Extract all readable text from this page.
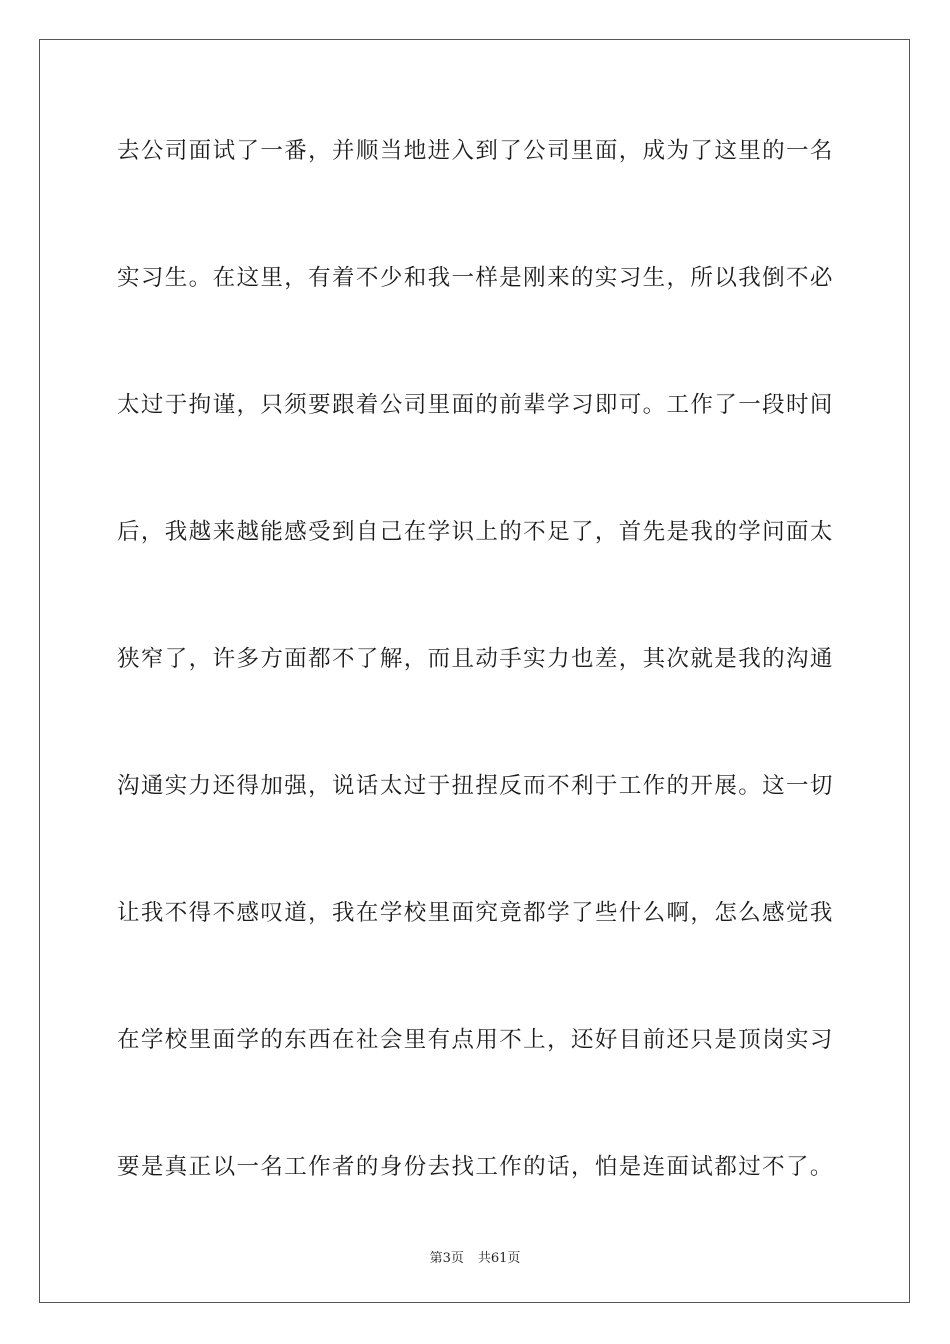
去公司面试了一番，并顺当地进入到了公司里面，成为了这里的一名
实习生。在这里，有着不少和我一样是刚来的实习生，所以我倒不必
太过于拘谨，只须要跟着公司里面的前辈学习即可。工作了一段时间
后，我越来越能感受到自己在学识上的不足了，首先是我的学问面太
狭窄了，许多方面都不了解，而且动手实力也差，其次就是我的沟通
沟通实力还得加强，说话太过于扭捏反而不利于工作的开展。这一切
让我不得不感叹道，我在学校里面究竟都学了些什么啊，怎么感觉我
在学校里面学的东西在社会里有点用不上，还好目前还只是顶岗实习
要是真正以一名工作者的身份去找工作的话，怕是连面试都过不了。
第3页 共61页
